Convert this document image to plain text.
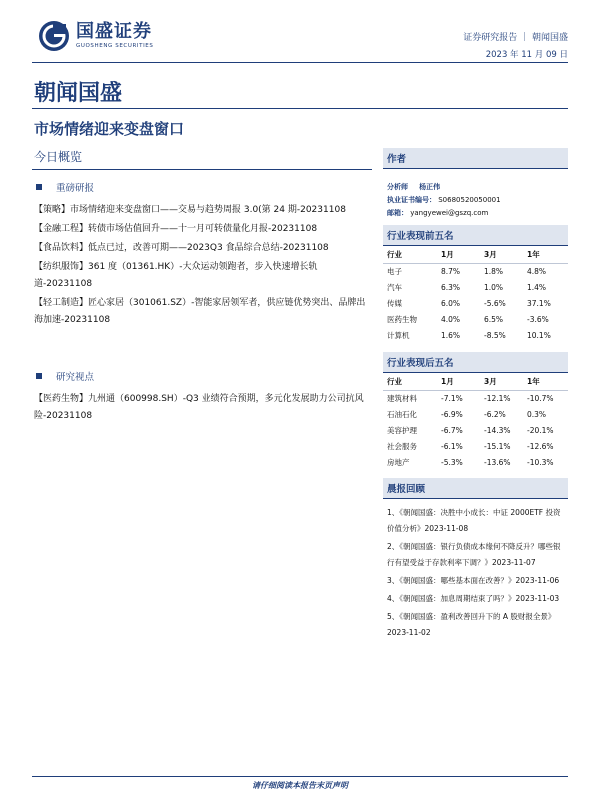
国盛证券
GUOSHENG SECURITIES
证券研究报告 ｜ 朝闻国盛
2023 年 11 月 09 日
朝闻国盛
市场情绪迎来变盘窗口
今日概览
重磅研报
【策略】市场情绪迎来变盘窗口——交易与趋势周报 3.0(第 24 期-20231108
【金融工程】转债市场估值回升——十一月可转债量化月报-20231108
【食品饮料】低点已过，改善可期——2023Q3 食品综合总结-20231108
【纺织服饰】361 度（01361.HK）-大众运动领跑者，步入快速增长轨道-20231108
【轻工制造】匠心家居（301061.SZ）-智能家居领军者，供应链优势突出、品牌出海加速-20231108
研究视点
【医药生物】九州通（600998.SH）-Q3 业绩符合预期，多元化发展助力公司抗风险-20231108
作者
分析师 杨正伟
执业证书编号： S0680520050001
邮箱： yangyewei@gszq.com
行业表现前五名
行业	1月	3月	1年
电子	8.7%	1.8%	4.8%
汽车	6.3%	1.0%	1.4%
传媒	6.0%	-5.6%	37.1%
医药生物	4.0%	6.5%	-3.6%
计算机	1.6%	-8.5%	10.1%
行业表现后五名
行业	1月	3月	1年
建筑材料	-7.1%	-12.1%	-10.7%
石油石化	-6.9%	-6.2%	0.3%
美容护理	-6.7%	-14.3%	-20.1%
社会服务	-6.1%	-15.1%	-12.6%
房地产	-5.3%	-13.6%	-10.3%
晨报回顾
1、《朝闻国盛：决胜中小成长：中证 2000ETF 投资价值分析》2023-11-08
2、《朝闻国盛：银行负债成本缘何不降反升？哪些银行有望受益于存款利率下调？》2023-11-07
3、《朝闻国盛：哪些基本面在改善？》2023-11-06
4、《朝闻国盛：加息周期结束了吗？》2023-11-03
5、《朝闻国盛：盈利改善回升下的 A 股财报全景》2023-11-02
请仔细阅读本报告末页声明
